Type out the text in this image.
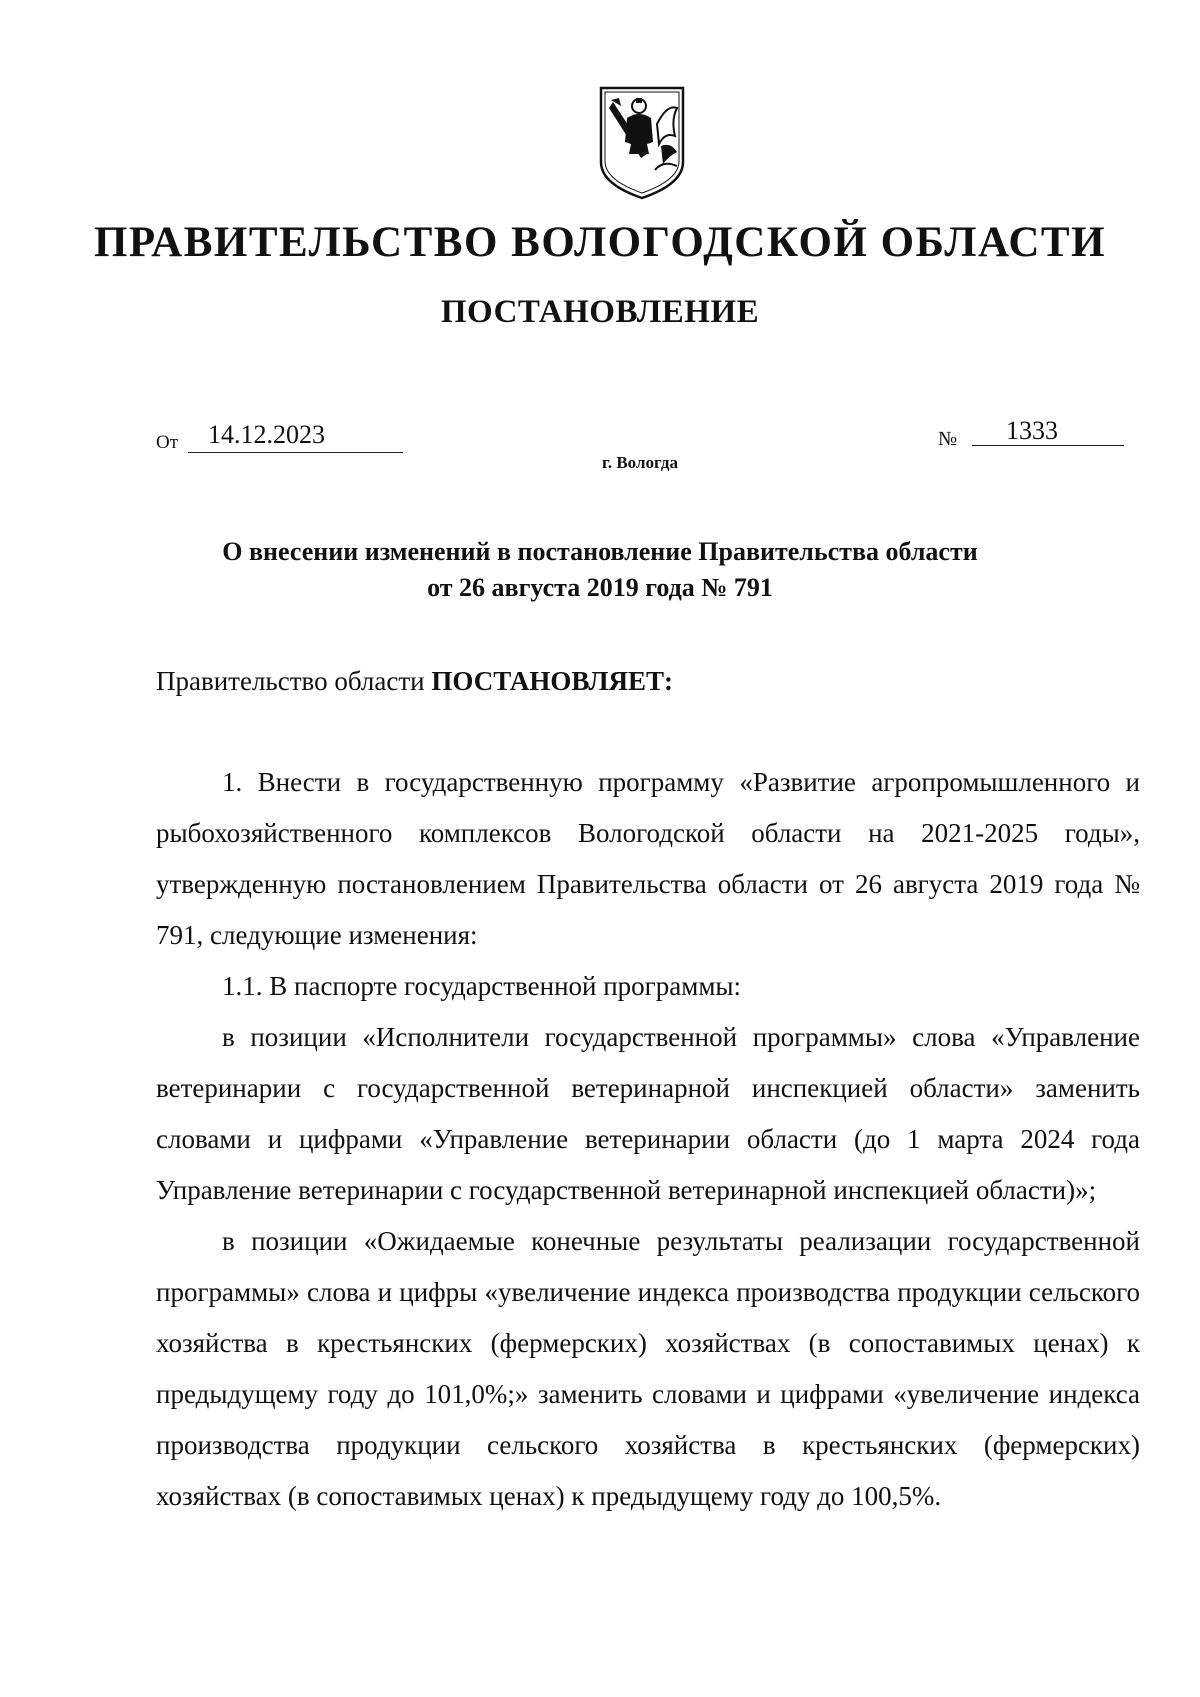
ПРАВИТЕЛЬСТВО ВОЛОГОДСКОЙ ОБЛАСТИ
ПОСТАНОВЛЕНИЕ
От	14.12.2023	№	1333
г. Вологда
О внесении изменений в постановление Правительства области
от 26 августа 2019 года № 791
Правительство области ПОСТАНОВЛЯЕТ:

1. Внести в государственную программу «Развитие агропромышленного и рыбохозяйственного комплексов Вологодской области на 2021-2025 годы», утвержденную постановлением Правительства области от 26 августа 2019 года № 791, следующие изменения:

1.1. В паспорте государственной программы:

в позиции «Исполнители государственной программы» слова «Управление ветеринарии с государственной ветеринарной инспекцией области» заменить словами и цифрами «Управление ветеринарии области (до 1 марта 2024 года Управление ветеринарии с государственной ветеринарной инспекцией области)»;

в позиции «Ожидаемые конечные результаты реализации государственной программы» слова и цифры «увеличение индекса производства продукции сельского хозяйства в крестьянских (фермерских) хозяйствах (в сопоставимых ценах) к предыдущему году до 101,0%;» заменить словами и цифрами «увеличение индекса производства продукции сельского хозяйства в крестьянских (фермерских) хозяйствах (в сопоставимых ценах) к предыдущему году до 100,5%.
